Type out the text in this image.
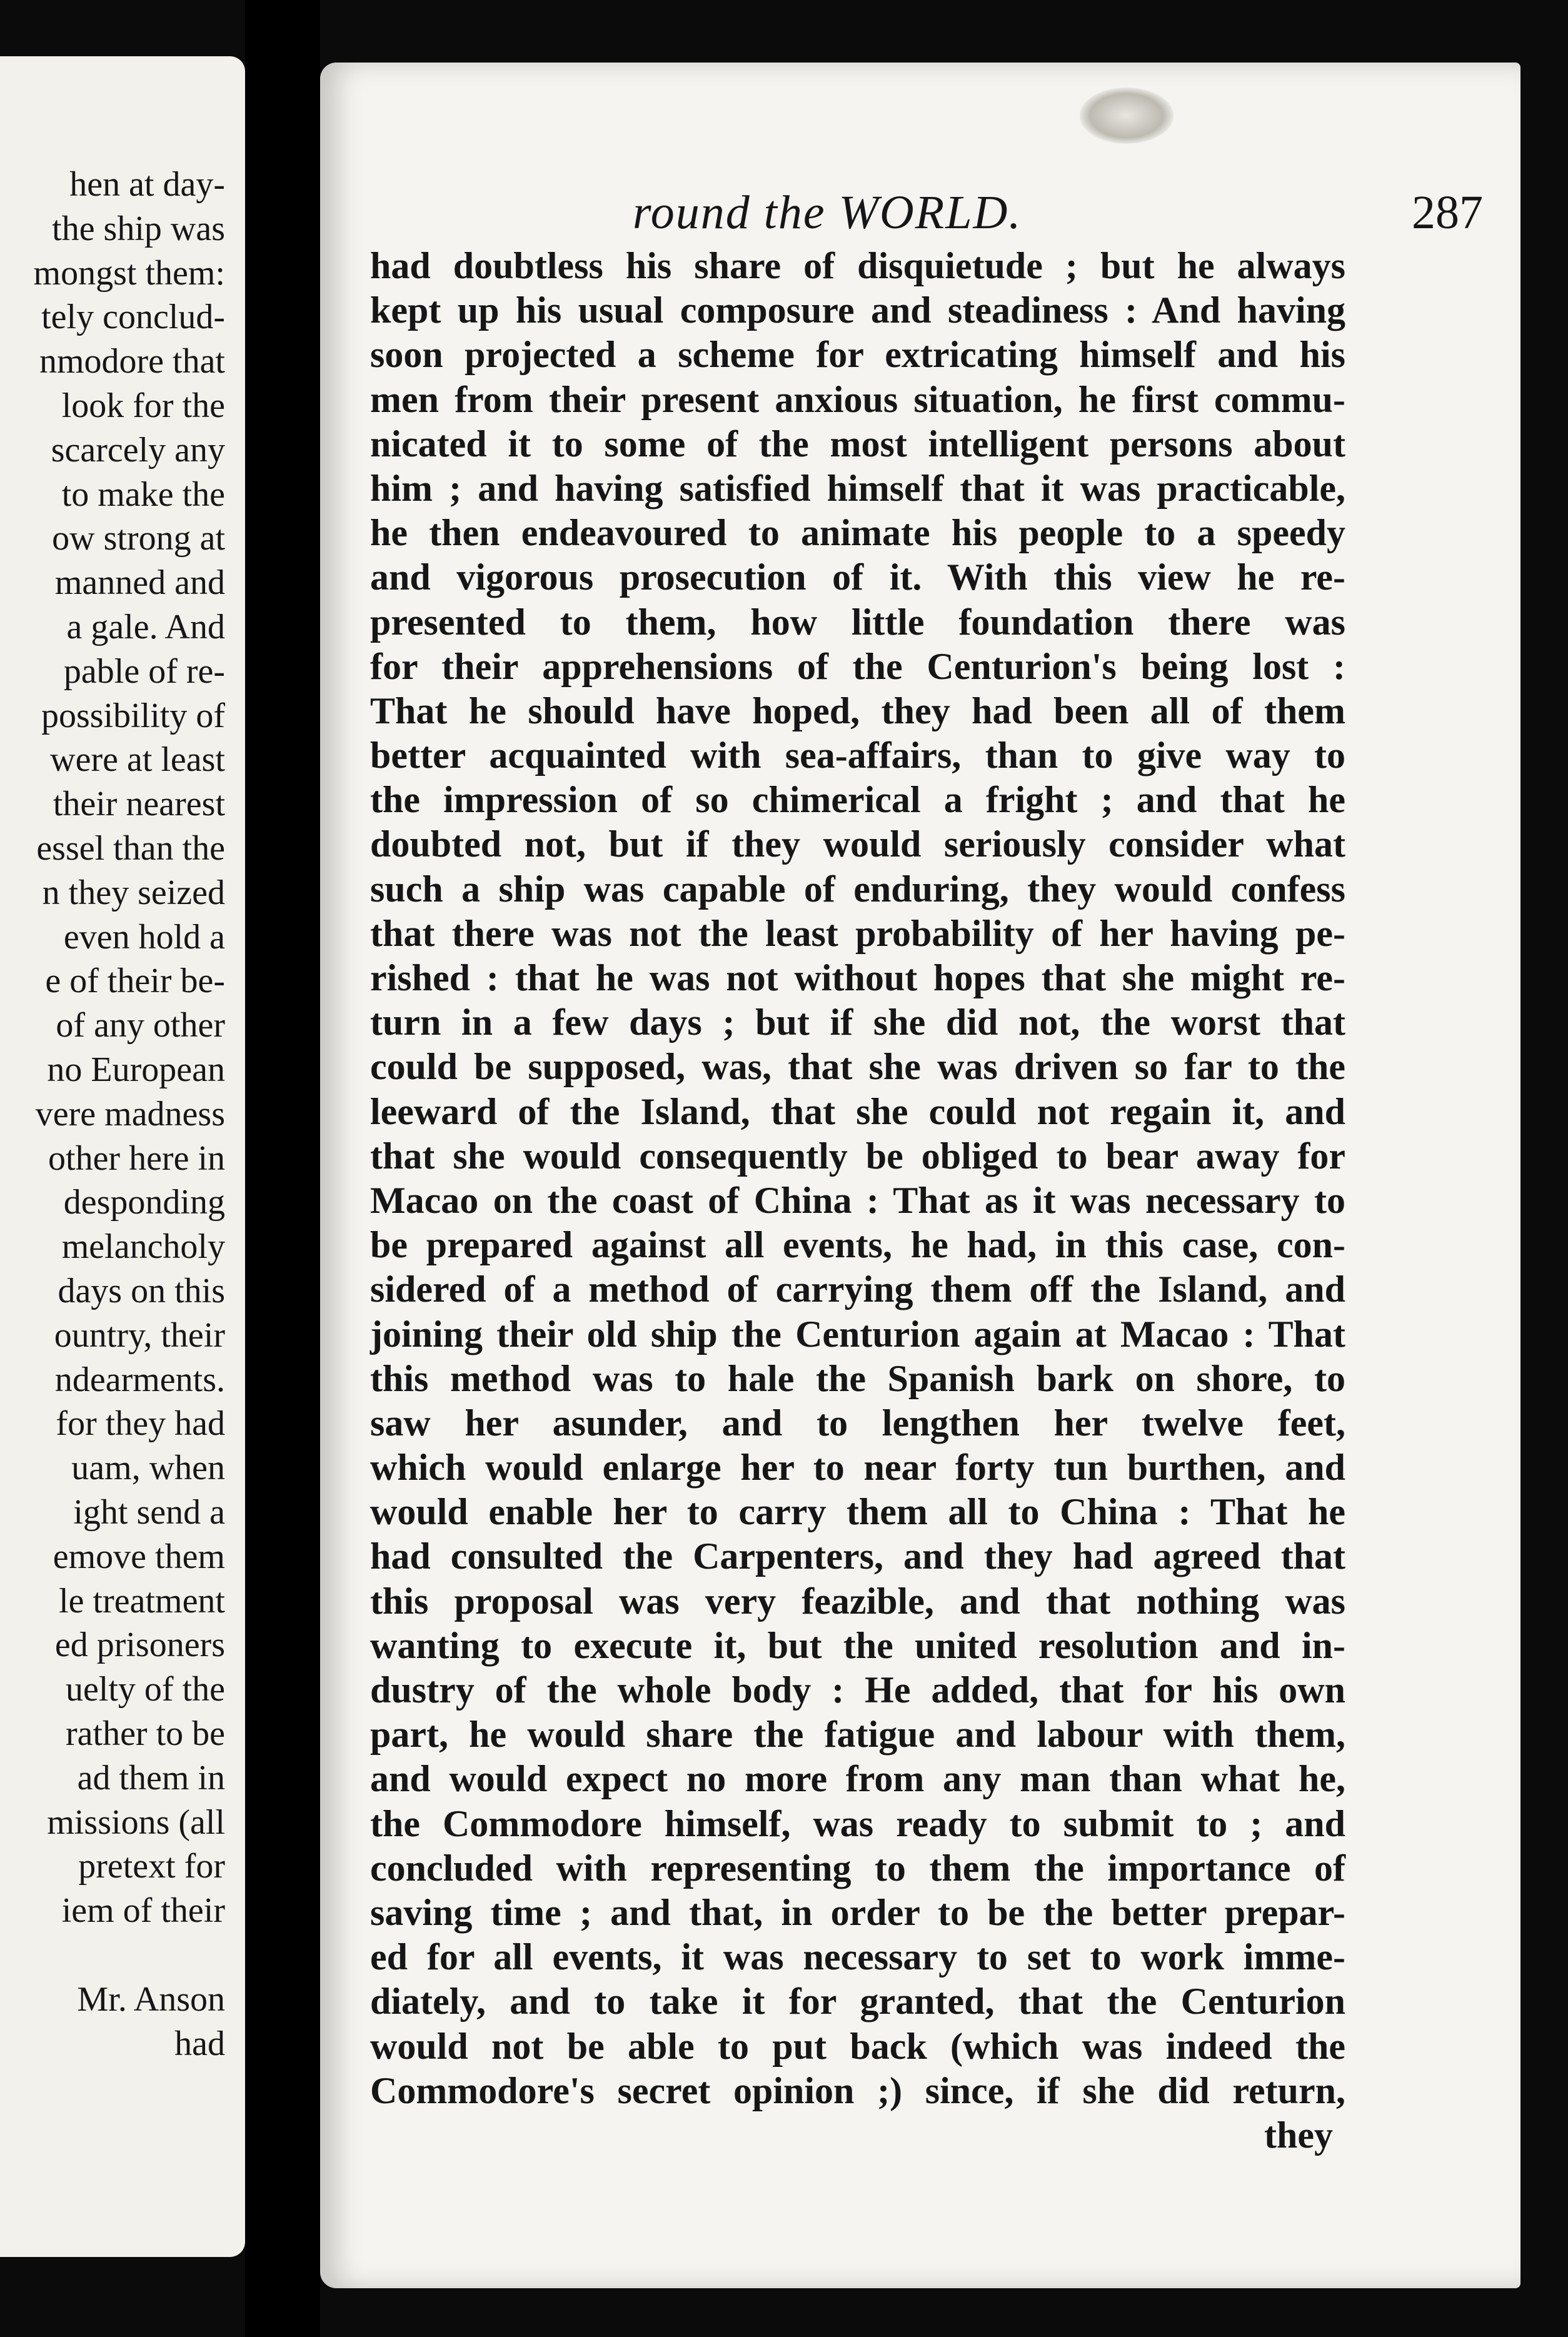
hen at day-
the ship was
mongst them:
tely conclud-
nmodore that
look for the
scarcely any
to make the
ow strong at
manned and
a gale. And
pable of re-
possibility of
were at least
their nearest
essel than the
n they seized
even hold a
e of their be-
of any other
no European
vere madness
other here in
desponding
melancholy
days on this
ountry, their
ndearments.
for they had
uam, when
ight send a
emove them
le treatment
ed prisoners
uelty of the
rather to be
ad them in
missions (all
pretext for
iem of their
Mr. Anson
had
round the WORLD.	287
had doubtless his share of disquietude ; but he always
kept up his usual composure and steadiness : And having
soon projected a scheme for extricating himself and his
men from their present anxious situation, he first commu-
nicated it to some of the most intelligent persons about
him ; and having satisfied himself that it was practicable,
he then endeavoured to animate his people to a speedy
and vigorous prosecution of it. With this view he re-
presented to them, how little foundation there was
for their apprehensions of the Centurion's being lost :
That he should have hoped, they had been all of them
better acquainted with sea-affairs, than to give way to
the impression of so chimerical a fright ; and that he
doubted not, but if they would seriously consider what
such a ship was capable of enduring, they would confess
that there was not the least probability of her having pe-
rished : that he was not without hopes that she might re-
turn in a few days ; but if she did not, the worst that
could be supposed, was, that she was driven so far to the
leeward of the Island, that she could not regain it, and
that she would consequently be obliged to bear away for
Macao on the coast of China : That as it was necessary to
be prepared against all events, he had, in this case, con-
sidered of a method of carrying them off the Island, and
joining their old ship the Centurion again at Macao : That
this method was to hale the Spanish bark on shore, to
saw her asunder, and to lengthen her twelve feet,
which would enlarge her to near forty tun burthen, and
would enable her to carry them all to China : That he
had consulted the Carpenters, and they had agreed that
this proposal was very feazible, and that nothing was
wanting to execute it, but the united resolution and in-
dustry of the whole body : He added, that for his own
part, he would share the fatigue and labour with them,
and would expect no more from any man than what he,
the Commodore himself, was ready to submit to ; and
concluded with representing to them the importance of
saving time ; and that, in order to be the better prepar-
ed for all events, it was necessary to set to work imme-
diately, and to take it for granted, that the Centurion
would not be able to put back (which was indeed the
Commodore's secret opinion ;) since, if she did return,
they
